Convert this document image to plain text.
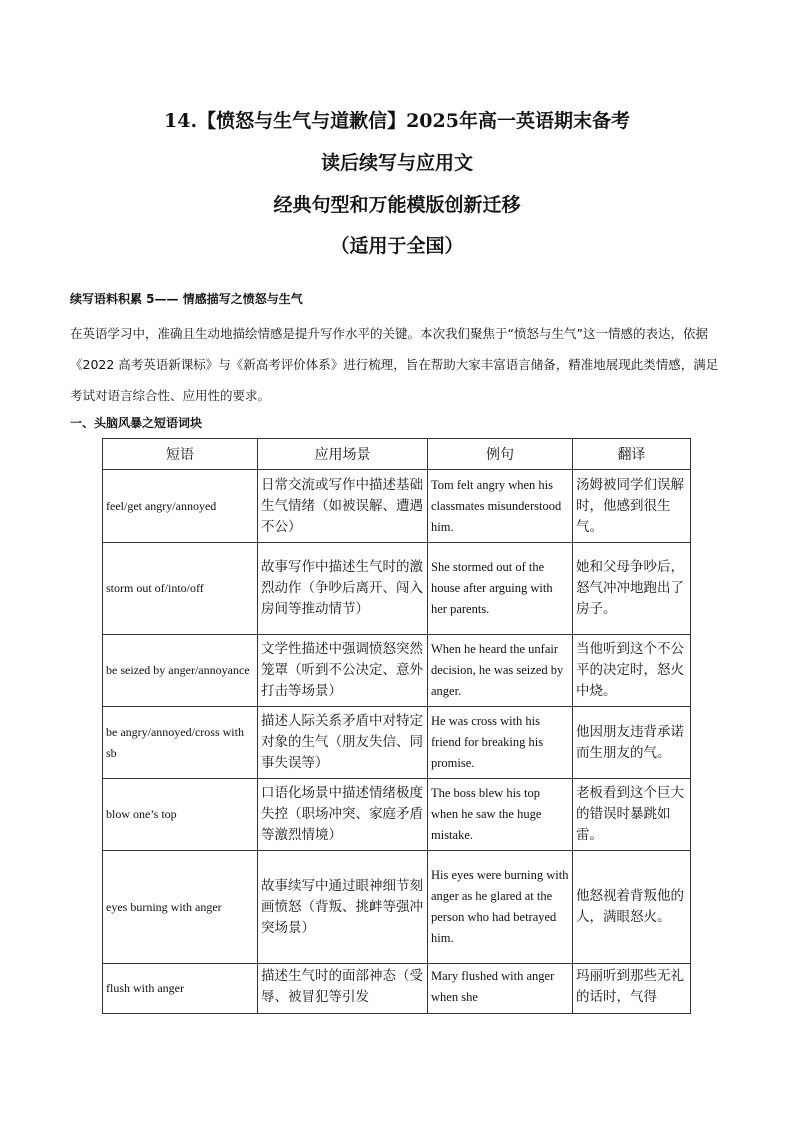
14.【愤怒与生气与道歉信】2025年高一英语期末备考
读后续写与应用文
经典句型和万能模版创新迁移
（适用于全国）
续写语料积累 5—— 情感描写之愤怒与生气
在英语学习中，准确且生动地描绘情感是提升写作水平的关键。本次我们聚焦于“愤怒与生气”这一情感的表达，依据《2022 高考英语新课标》与《新高考评价体系》进行梳理，旨在帮助大家丰富语言储备，精准地展现此类情感，满足考试对语言综合性、应用性的要求。
一、头脑风暴之短语词块
短语	应用场景	例句	翻译
feel/get angry/annoyed	日常交流或写作中描述基础生气情绪（如被误解、遭遇不公）	Tom felt angry when his classmates misunderstood him.	汤姆被同学们误解时，他感到很生气。
storm out of/into/off	故事写作中描述生气时的激烈动作（争吵后离开、闯入房间等推动情节）	She stormed out of the house after arguing with her parents.	她和父母争吵后，怒气冲冲地跑出了房子。
be seized by anger/annoyance	文学性描述中强调愤怒突然笼罩（听到不公决定、意外打击等场景）	When he heard the unfair decision, he was seized by anger.	当他听到这个不公平的决定时，怒火中烧。
be angry/annoyed/cross with sb	描述人际关系矛盾中对特定对象的生气（朋友失信、同事失误等）	He was cross with his friend for breaking his promise.	他因朋友违背承诺而生朋友的气。
blow one’s top	口语化场景中描述情绪极度失控（职场冲突、家庭矛盾等激烈情境）	The boss blew his top when he saw the huge mistake.	老板看到这个巨大的错误时暴跳如雷。
eyes burning with anger	故事续写中通过眼神细节刻画愤怒（背叛、挑衅等强冲突场景）	His eyes were burning with anger as he glared at the person who had betrayed him.	他怒视着背叛他的人，满眼怒火。
flush with anger	描述生气时的面部神态（受辱、被冒犯等引发	Mary flushed with anger when she	玛丽听到那些无礼的话时，气得
